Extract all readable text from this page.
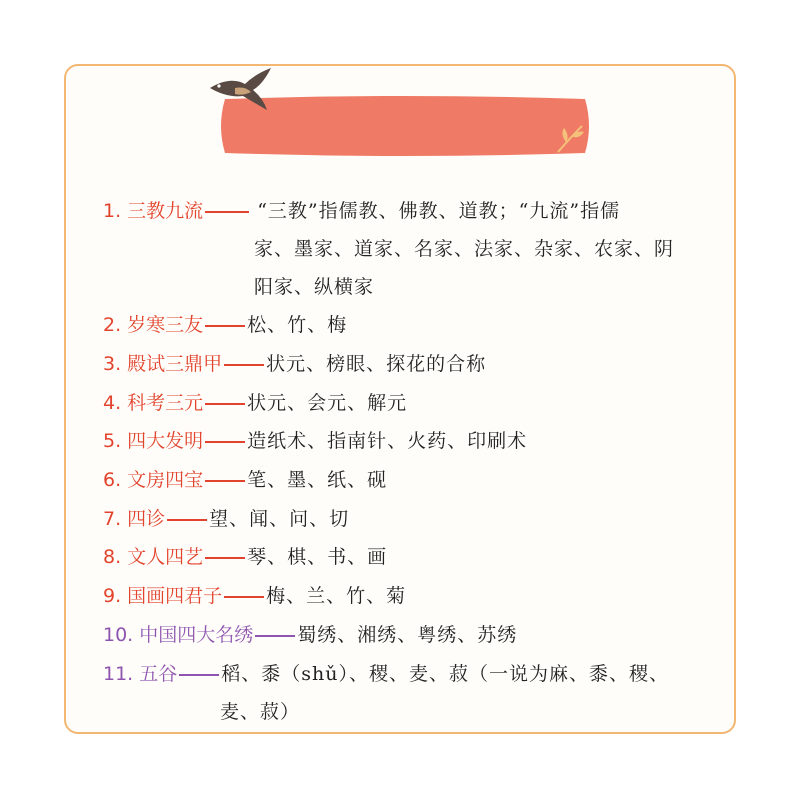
第三节 其他知识
1. 三教九流	“三教”指儒教、佛教、道教；“九流”指儒
家、墨家、道家、名家、法家、杂家、农家、阴
阳家、纵横家
2. 岁寒三友 松、竹、梅
3. 殿试三鼎甲 状元、榜眼、探花的合称
4. 科考三元 状元、会元、解元
5. 四大发明 造纸术、指南针、火药、印刷术
6. 文房四宝 笔、墨、纸、砚
7. 四诊 望、闻、问、切
8. 文人四艺 琴、棋、书、画
9. 国画四君子 梅、兰、竹、菊
10. 中国四大名绣 蜀绣、湘绣、粤绣、苏绣
11. 五谷 稻、黍（shǔ）、稷、麦、菽（一说为麻、黍、稷、
麦、菽）
